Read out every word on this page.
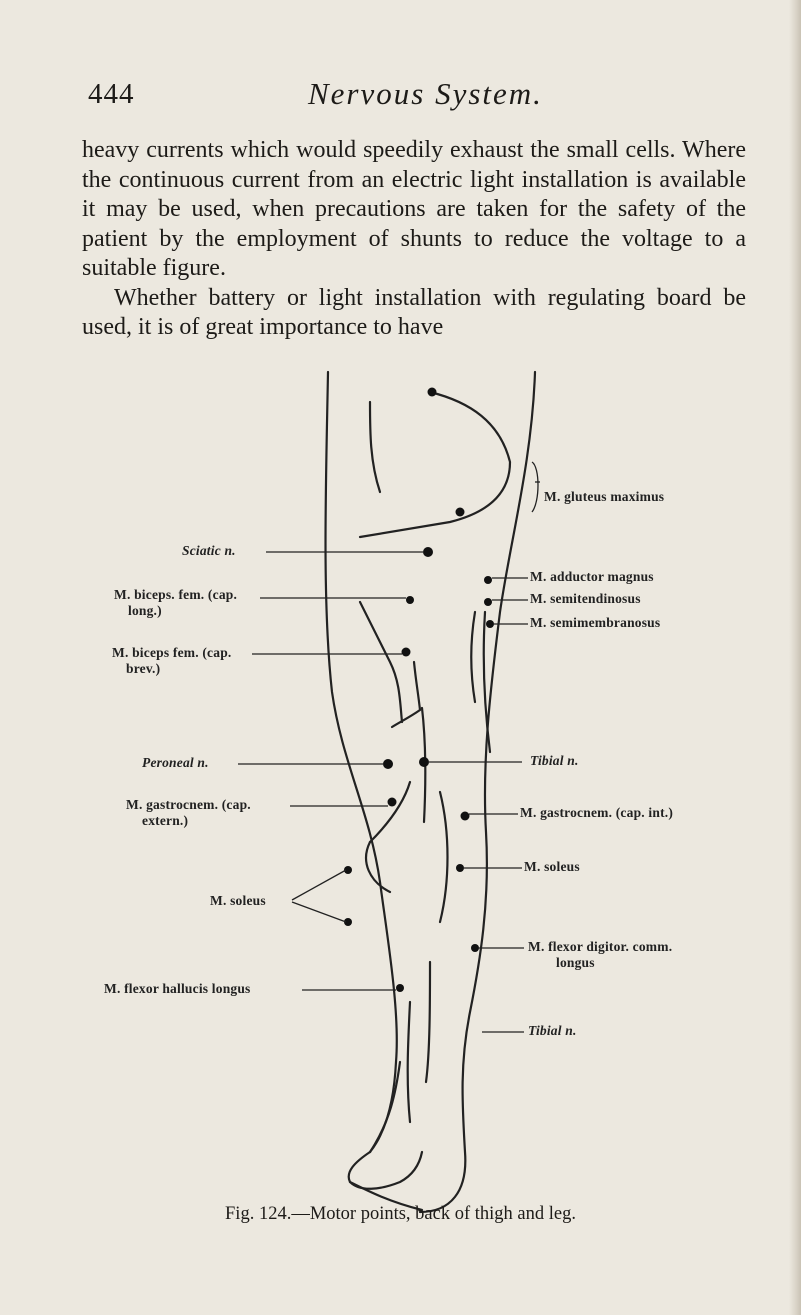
444	Nervous System.

heavy currents which would speedily exhaust the small cells. Where the continuous current from an electric light installation is available it may be used, when precautions are taken for the safety of the patient by the employment of shunts to reduce the voltage to a suitable figure.

Whether battery or light installation with regulating board be used, it is of great importance to have

Sciatic n.
M. biceps. fem. (cap.
long.)
M. biceps fem. (cap.
brev.)
Peroneal n.
M. gastrocnem. (cap.
extern.)
M. soleus
M. flexor hallucis longus
M. gluteus maximus
M. adductor magnus
M. semitendinosus
M. semimembranosus
Tibial n.
M. gastrocnem. (cap. int.)
M. soleus
M. flexor digitor. comm.
longus
Tibial n.
Fig. 124.—Motor points, back of thigh and leg.
